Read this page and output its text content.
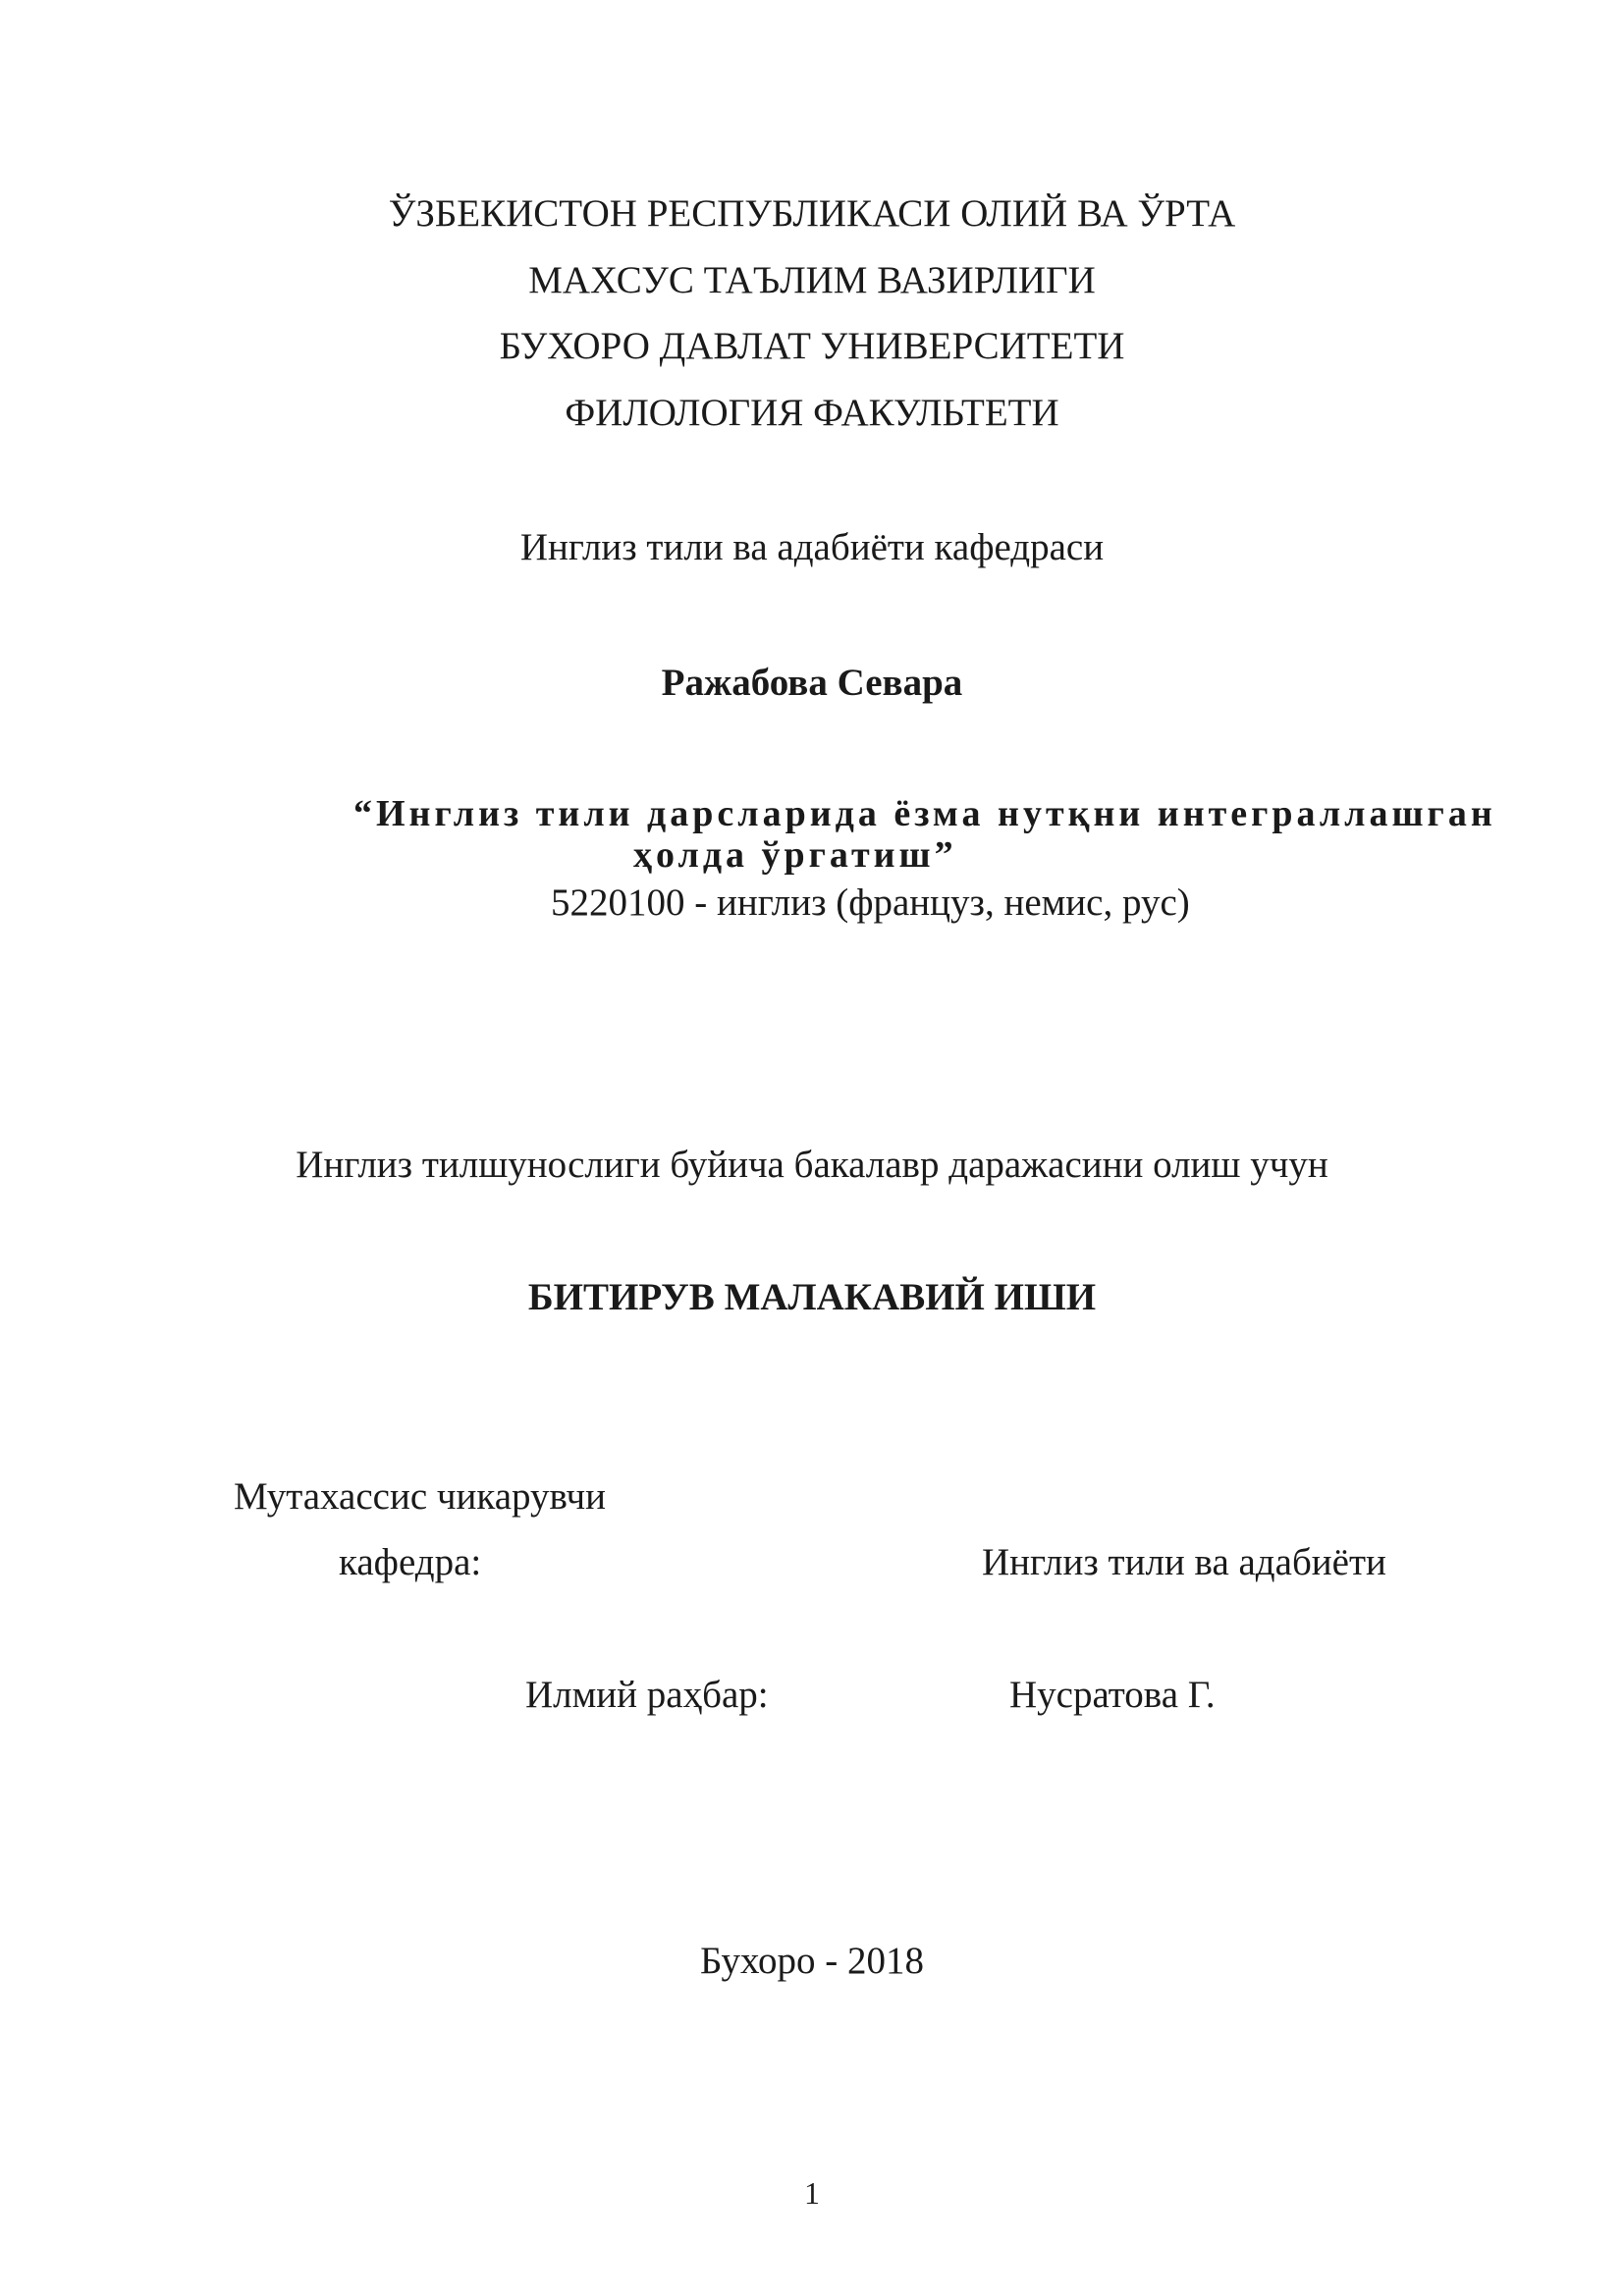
ЎЗБЕКИСТОН РЕСПУБЛИКАСИ ОЛИЙ ВА ЎРТА
МАХСУС ТАЪЛИМ ВАЗИРЛИГИ
БУХОРО ДАВЛАТ УНИВЕРСИТЕТИ
ФИЛОЛОГИЯ ФАКУЛЬТЕТИ
Инглиз тили ва адабиёти кафедраси
Ражабова Севара
“Инглиз тили дарсларида ёзма нутқни интеграллашган
ҳолда ўргатиш”
5220100 - инглиз (француз, немис, рус)
Инглиз тилшунослиги буйича бакалавр даражасини олиш учун
БИТИРУВ МАЛАКАВИЙ ИШИ
Мутахассис чикарувчи
кафедра:	Инглиз тили ва адабиёти
Илмий раҳбар:	Нусратова Г.
Бухоро - 2018
1
